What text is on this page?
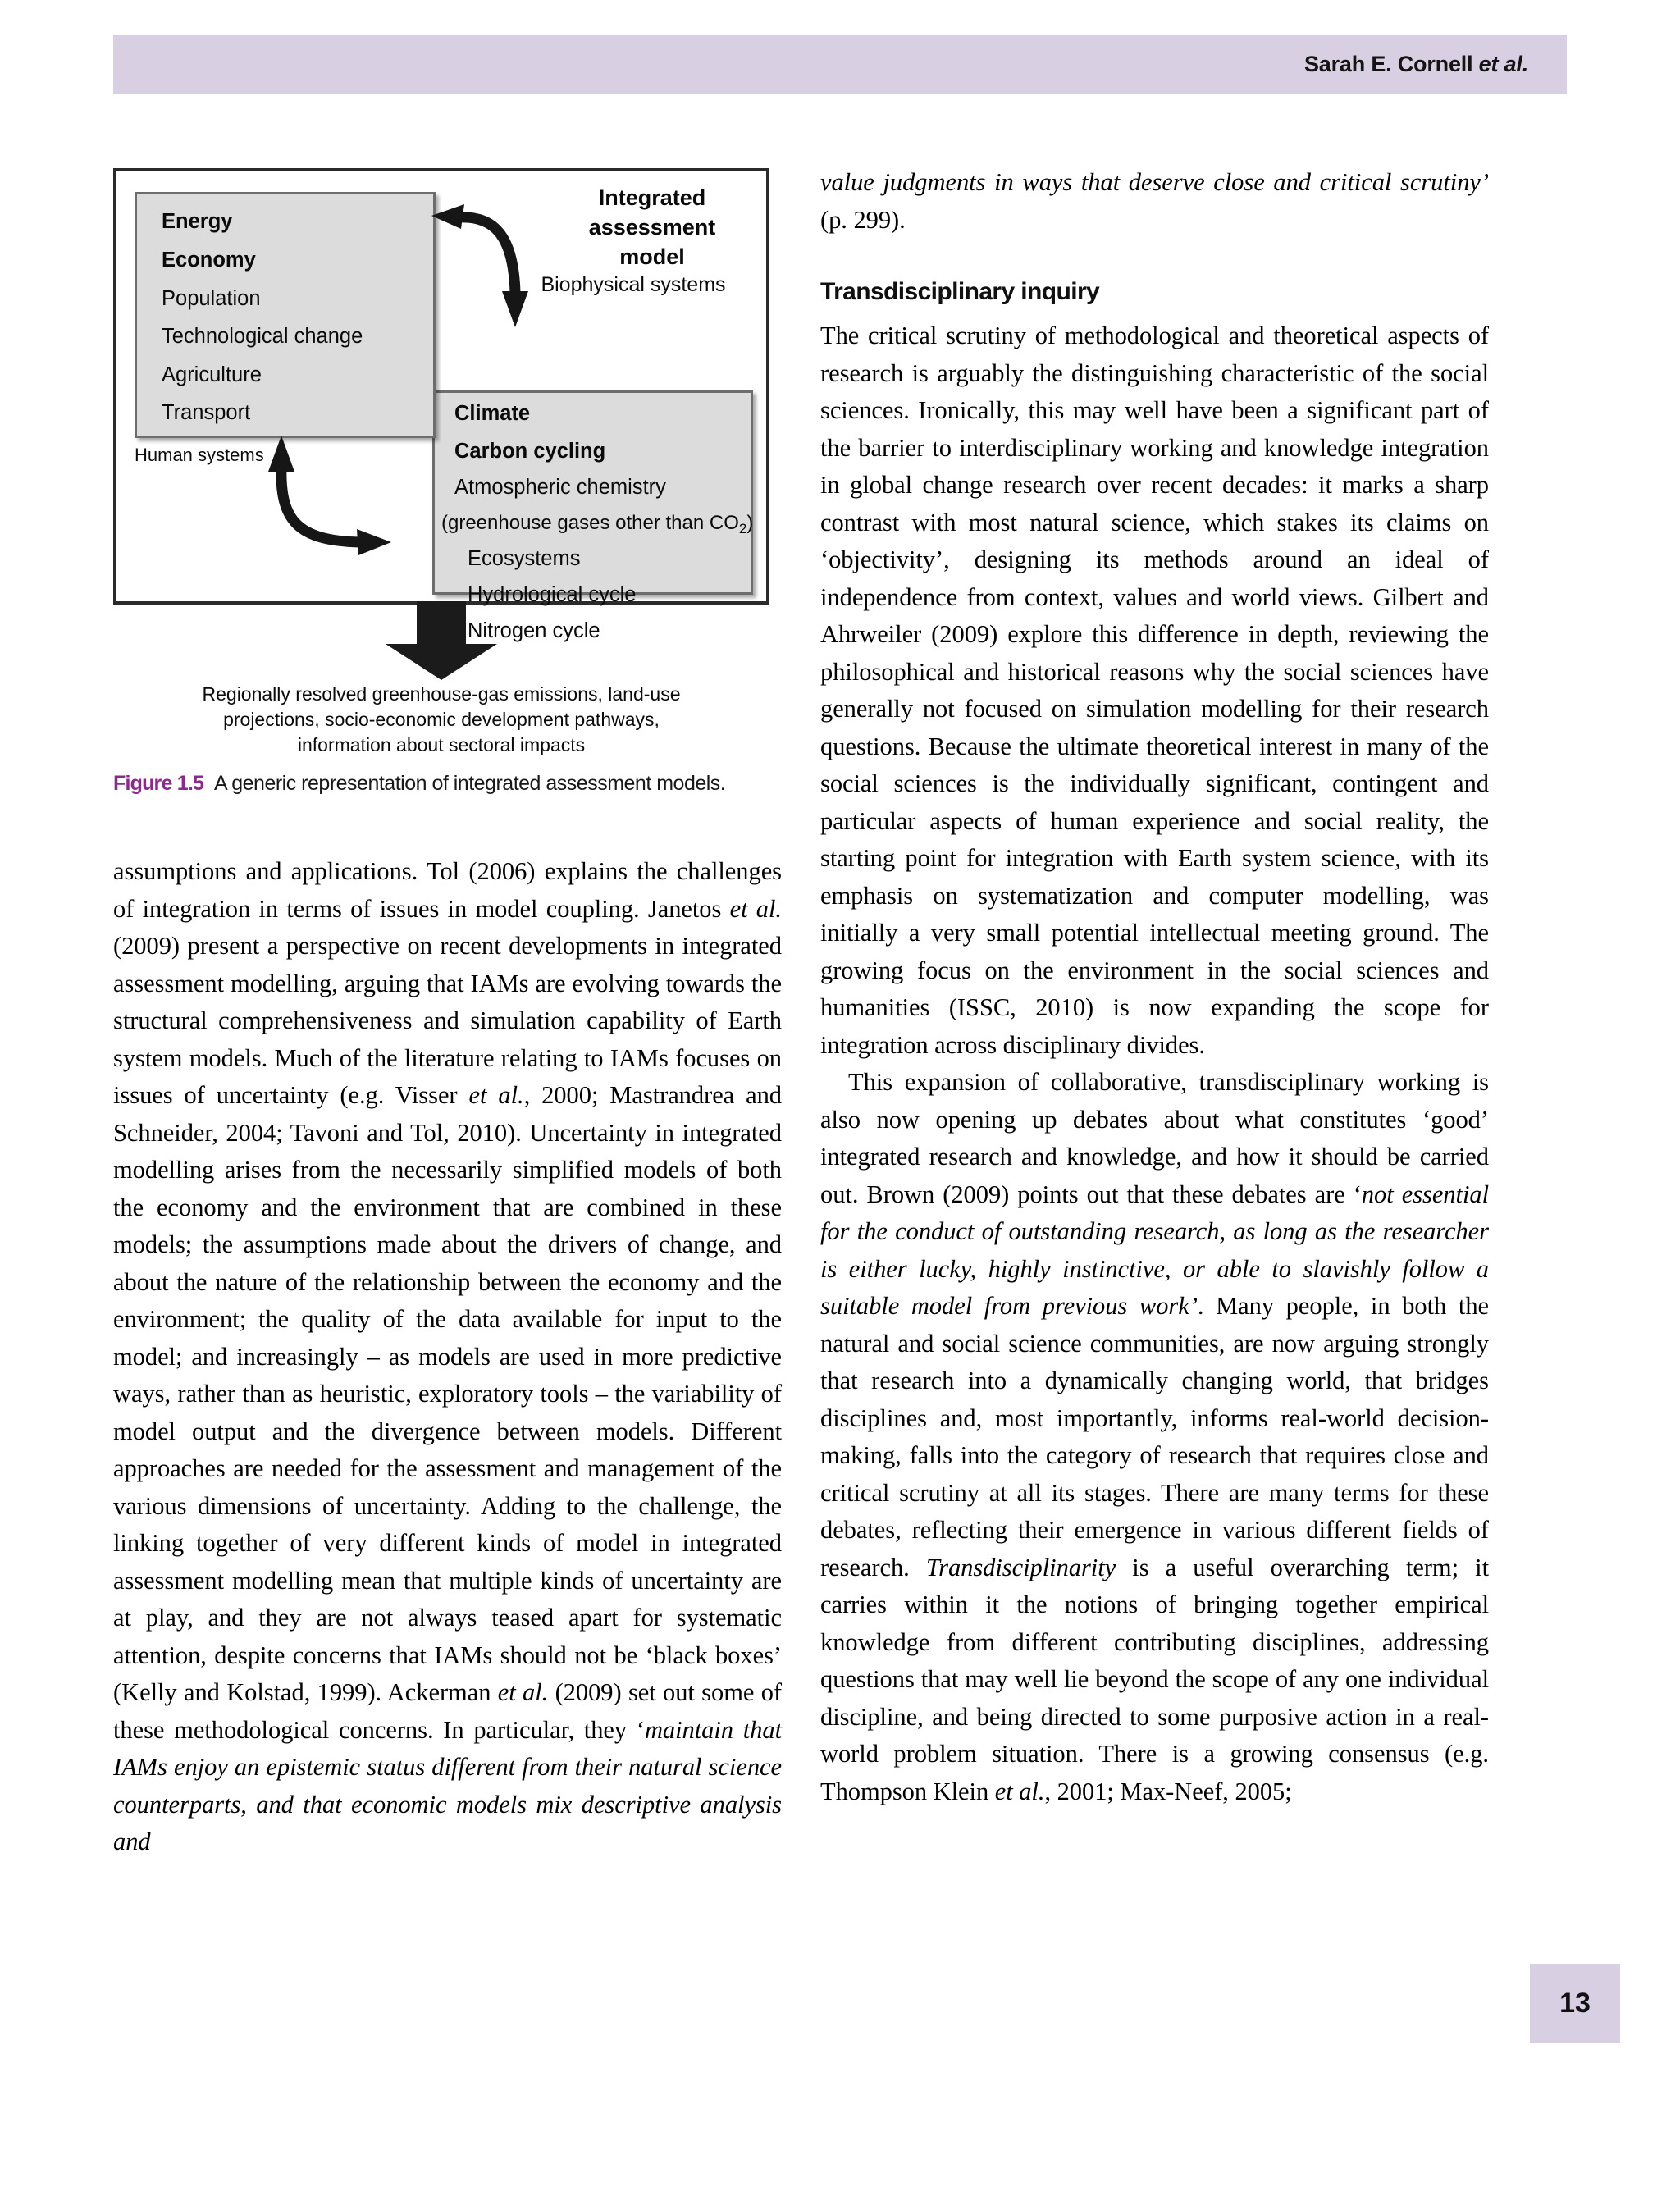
Sarah E. Cornell et al.
Integrated
assessment
model
Biophysical systems
Human systems
Energy
Economy
Population
Technological change
Agriculture
Transport	Climate
Carbon cycling
Atmospheric chemistry
(greenhouse gases other than $CO_2$)
Ecosystems
Hydrological cycle
Nitrogen cycle
Regionally resolved greenhouse-gas emissions, land-use
projections, socio-economic development pathways,
information about sectoral impacts
Figure 1.5 A generic representation of integrated assessment models.

assumptions and applications. Tol (2006) explains the challenges of integration in terms of issues in model coupling. Janetos et al. (2009) present a perspective on recent developments in integrated assessment modelling, arguing that IAMs are evolving towards the structural comprehensiveness and simulation capability of Earth system models. Much of the literature relating to IAMs focuses on issues of uncertainty (e.g. Visser et al., 2000; Mastrandrea and Schneider, 2004; Tavoni and Tol, 2010). Uncertainty in integrated modelling arises from the necessarily simplified models of both the economy and the environment that are combined in these models; the assumptions made about the drivers of change, and about the nature of the relationship between the economy and the environment; the quality of the data available for input to the model; and increasingly – as models are used in more predictive ways, rather than as heuristic, exploratory tools – the variability of model output and the divergence between models. Different approaches are needed for the assessment and management of the various dimensions of uncertainty. Adding to the challenge, the linking together of very different kinds of model in integrated assessment modelling mean that multiple kinds of uncertainty are at play, and they are not always teased apart for systematic attention, despite concerns that IAMs should not be ‘black boxes’ (Kelly and Kolstad, 1999). Ackerman et al. (2009) set out some of these methodological concerns. In particular, they ‘maintain that IAMs enjoy an epistemic status different from their natural science counterparts, and that economic models mix descriptive analysis and

value judgments in ways that deserve close and critical scrutiny’ (p. 299).

Transdisciplinary inquiry

The critical scrutiny of methodological and theoretical aspects of research is arguably the distinguishing characteristic of the social sciences. Ironically, this may well have been a significant part of the barrier to interdisciplinary working and knowledge integration in global change research over recent decades: it marks a sharp contrast with most natural science, which stakes its claims on ‘objectivity’, designing its methods around an ideal of independence from context, values and world views. Gilbert and Ahrweiler (2009) explore this difference in depth, reviewing the philosophical and historical reasons why the social sciences have generally not focused on simulation modelling for their research questions. Because the ultimate theoretical interest in many of the social sciences is the individually significant, contingent and particular aspects of human experience and social reality, the starting point for integration with Earth system science, with its emphasis on systematization and computer modelling, was initially a very small potential intellectual meeting ground. The growing focus on the environment in the social sciences and humanities (ISSC, 2010) is now expanding the scope for integration across disciplinary divides.

This expansion of collaborative, transdisciplinary working is also now opening up debates about what constitutes ‘good’ integrated research and knowledge, and how it should be carried out. Brown (2009) points out that these debates are ‘not essential for the conduct of outstanding research, as long as the researcher is either lucky, highly instinctive, or able to slavishly follow a suitable model from previous work’. Many people, in both the natural and social science communities, are now arguing strongly that research into a dynamically changing world, that bridges disciplines and, most importantly, informs real-world decision-making, falls into the category of research that requires close and critical scrutiny at all its stages. There are many terms for these debates, reflecting their emergence in various different fields of research. Transdisciplinarity is a useful overarching term; it carries within it the notions of bringing together empirical knowledge from different contributing disciplines, addressing questions that may well lie beyond the scope of any one individual discipline, and being directed to some purposive action in a real-world problem situation. There is a growing consensus (e.g. Thompson Klein et al., 2001; Max-Neef, 2005;

13
